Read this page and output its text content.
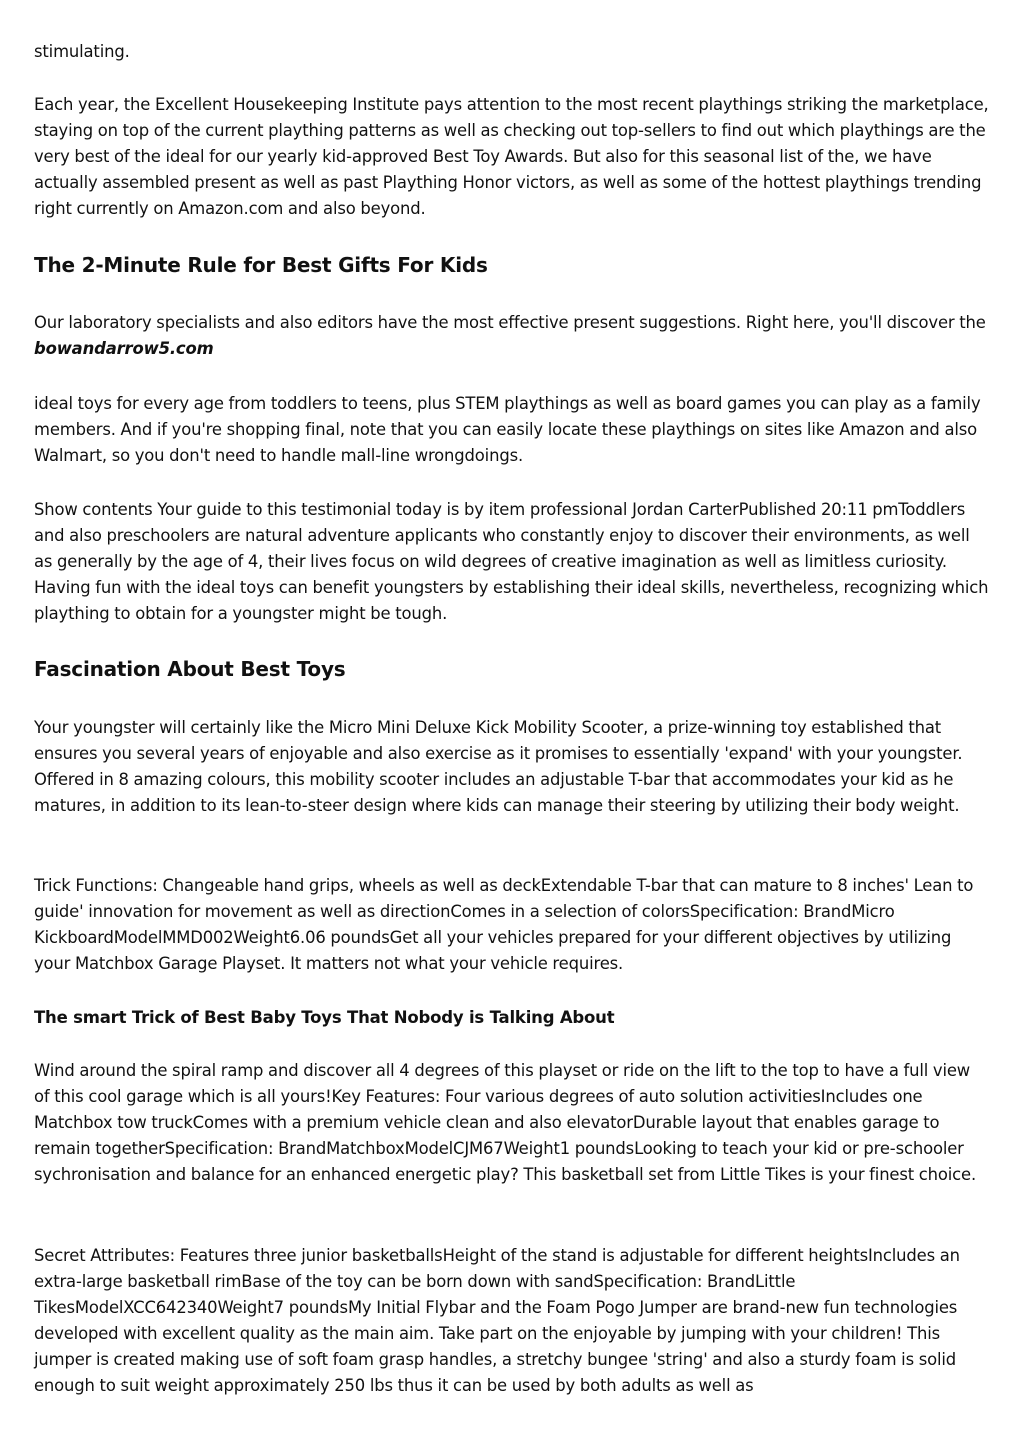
stimulating.

Each year, the Excellent Housekeeping Institute pays attention to the most recent playthings striking the marketplace, staying on top of the current plaything patterns as well as checking out top-sellers to find out which playthings are the very best of the ideal for our yearly kid-approved Best Toy Awards. But also for this seasonal list of the, we have actually assembled present as well as past Plaything Honor victors, as well as some of the hottest playthings trending right currently on Amazon.com and also beyond.

The 2-Minute Rule for Best Gifts For Kids

Our laboratory specialists and also editors have the most effective present suggestions. Right here, you'll discover the bowandarrow5.com

ideal toys for every age from toddlers to teens, plus STEM playthings as well as board games you can play as a family members. And if you're shopping final, note that you can easily locate these playthings on sites like Amazon and also Walmart, so you don't need to handle mall-line wrongdoings.

Show contents Your guide to this testimonial today is by item professional Jordan CarterPublished 20:11 pmToddlers and also preschoolers are natural adventure applicants who constantly enjoy to discover their environments, as well as generally by the age of 4, their lives focus on wild degrees of creative imagination as well as limitless curiosity. Having fun with the ideal toys can benefit youngsters by establishing their ideal skills, nevertheless, recognizing which plaything to obtain for a youngster might be tough.

Fascination About Best Toys

Your youngster will certainly like the Micro Mini Deluxe Kick Mobility Scooter, a prize-winning toy established that ensures you several years of enjoyable and also exercise as it promises to essentially 'expand' with your youngster. Offered in 8 amazing colours, this mobility scooter includes an adjustable T-bar that accommodates your kid as he matures, in addition to its lean-to-steer design where kids can manage their steering by utilizing their body weight.

Trick Functions: Changeable hand grips, wheels as well as deckExtendable T-bar that can mature to 8 inches' Lean to guide' innovation for movement as well as directionComes in a selection of colorsSpecification: BrandMicro KickboardModelMMD002Weight6.06 poundsGet all your vehicles prepared for your different objectives by utilizing your Matchbox Garage Playset. It matters not what your vehicle requires.

The smart Trick of Best Baby Toys That Nobody is Talking About

Wind around the spiral ramp and discover all 4 degrees of this playset or ride on the lift to the top to have a full view of this cool garage which is all yours!Key Features: Four various degrees of auto solution activitiesIncludes one Matchbox tow truckComes with a premium vehicle clean and also elevatorDurable layout that enables garage to remain togetherSpecification: BrandMatchboxModelCJM67Weight1 poundsLooking to teach your kid or pre-schooler sychronisation and balance for an enhanced energetic play? This basketball set from Little Tikes is your finest choice.

Secret Attributes: Features three junior basketballsHeight of the stand is adjustable for different heightsIncludes an extra-large basketball rimBase of the toy can be born down with sandSpecification: BrandLittle TikesModelXCC642340Weight7 poundsMy Initial Flybar and the Foam Pogo Jumper are brand-new fun technologies developed with excellent quality as the main aim. Take part on the enjoyable by jumping with your children! This jumper is created making use of soft foam grasp handles, a stretchy bungee 'string' and also a sturdy foam is solid enough to suit weight approximately 250 lbs thus it can be used by both adults as well as
